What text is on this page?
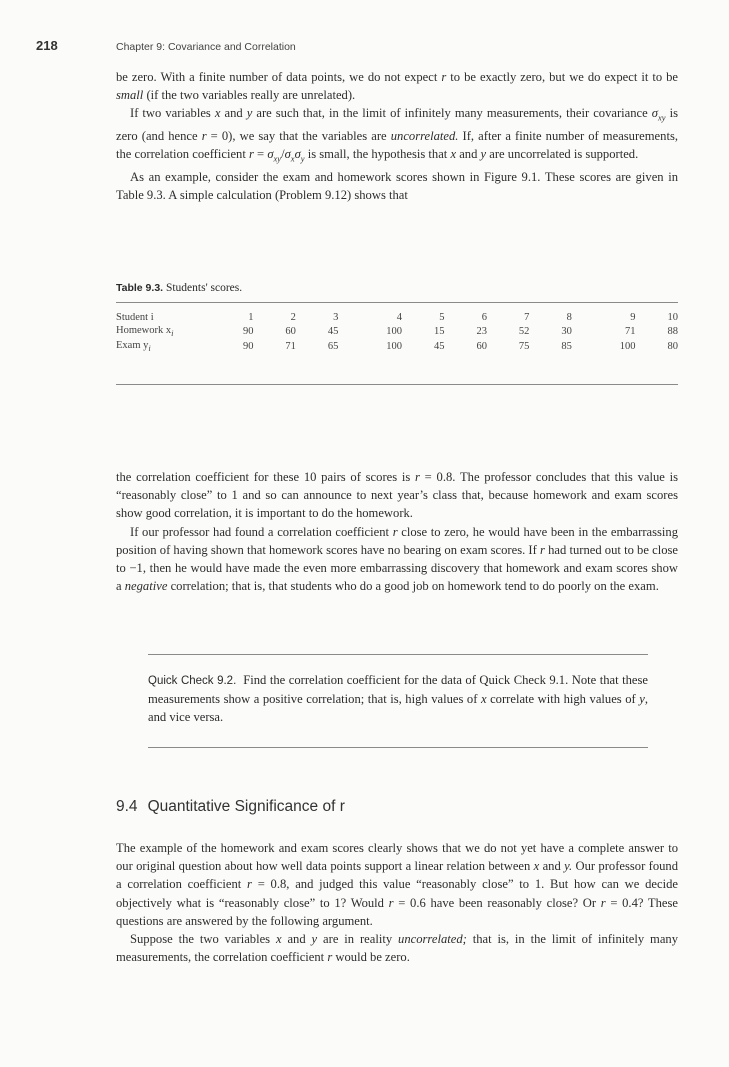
218	Chapter 9: Covariance and Correlation

be zero. With a finite number of data points, we do not expect r to be exactly zero, but we do expect it to be small (if the two variables really are unrelated).

If two variables x and y are such that, in the limit of infinitely many measurements, their covariance $\sigma_{xy}$ is zero (and hence r = 0), we say that the variables are uncorrelated. If, after a finite number of measurements, the correlation coefficient $r = \sigma_{xy}/\sigma_x\sigma_y$ is small, the hypothesis that x and y are uncorrelated is supported.

As an example, consider the exam and homework scores shown in Figure 9.1. These scores are given in Table 9.3. A simple calculation (Problem 9.12) shows that

Table 9.3. Students' scores.
Student i	1	2	3	4	5	6	7	8	9	10
Homework $x_i$	90	60	45	100	15	23	52	30	71	88
Exam $y_i$	90	71	65	100	45	60	75	85	100	80

the correlation coefficient for these 10 pairs of scores is r = 0.8. The professor concludes that this value is “reasonably close” to 1 and so can announce to next year’s class that, because homework and exam scores show good correlation, it is important to do the homework.

If our professor had found a correlation coefficient r close to zero, he would have been in the embarrassing position of having shown that homework scores have no bearing on exam scores. If r had turned out to be close to −1, then he would have made the even more embarrassing discovery that homework and exam scores show a negative correlation; that is, that students who do a good job on homework tend to do poorly on the exam.

Quick Check 9.2.  Find the correlation coefficient for the data of Quick Check 9.1. Note that these measurements show a positive correlation; that is, high values of x correlate with high values of y, and vice versa.
9.4 Quantitative Significance of r

The example of the homework and exam scores clearly shows that we do not yet have a complete answer to our original question about how well data points support a linear relation between x and y. Our professor found a correlation coefficient r = 0.8, and judged this value “reasonably close” to 1. But how can we decide objectively what is “reasonably close” to 1? Would r = 0.6 have been reasonably close? Or r = 0.4? These questions are answered by the following argument.

Suppose the two variables x and y are in reality uncorrelated; that is, in the limit of infinitely many measurements, the correlation coefficient r would be zero.
